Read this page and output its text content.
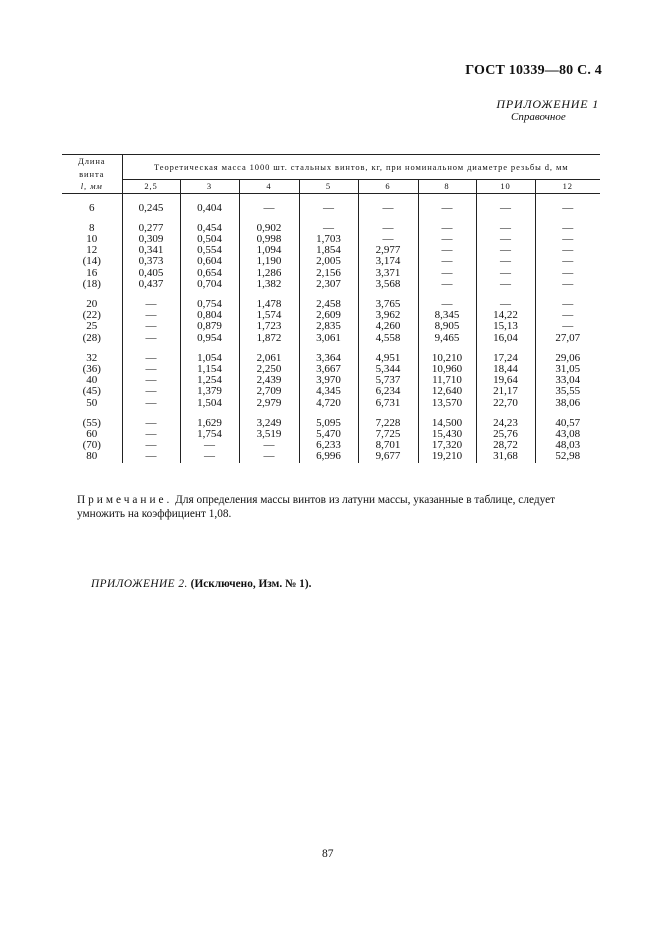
ГОСТ 10339—80 С. 4
ПРИЛОЖЕНИЕ 1
Справочное
Длина
винта
l, мм	Теоретическая масса 1000 шт. стальных винтов, кг, при номинальном диаметре резьбы d, мм							
	2,5	3	4	5	6	8	10	12

6	0,245	0,404	—	—	—	—	—	—

8	0,277	0,454	0,902	—	—	—	—	—
10	0,309	0,504	0,998	1,703	—	—	—	—
12	0,341	0,554	1,094	1,854	2,977	—	—	—
(14)	0,373	0,604	1,190	2,005	3,174	—	—	—
16	0,405	0,654	1,286	2,156	3,371	—	—	—
(18)	0,437	0,704	1,382	2,307	3,568	—	—	—

20	—	0,754	1,478	2,458	3,765	—	—	—
(22)	—	0,804	1,574	2,609	3,962	8,345	14,22	—
25	—	0,879	1,723	2,835	4,260	8,905	15,13	—
(28)	—	0,954	1,872	3,061	4,558	9,465	16,04	27,07

32	—	1,054	2,061	3,364	4,951	10,210	17,24	29,06
(36)	—	1,154	2,250	3,667	5,344	10,960	18,44	31,05
40	—	1,254	2,439	3,970	5,737	11,710	19,64	33,04
(45)	—	1,379	2,709	4,345	6,234	12,640	21,17	35,55
50	—	1,504	2,979	4,720	6,731	13,570	22,70	38,06

(55)	—	1,629	3,249	5,095	7,228	14,500	24,23	40,57
60	—	1,754	3,519	5,470	7,725	15,430	25,76	43,08
(70)	—	—	—	6,233	8,701	17,320	28,72	48,03
80	—	—	—	6,996	9,677	19,210	31,68	52,98
Примечание. Для определения массы винтов из латуни массы, указанные в таблице, следует
умножить на коэффициент 1,08.
ПРИЛОЖЕНИЕ 2. (Исключено, Изм. № 1).
87
